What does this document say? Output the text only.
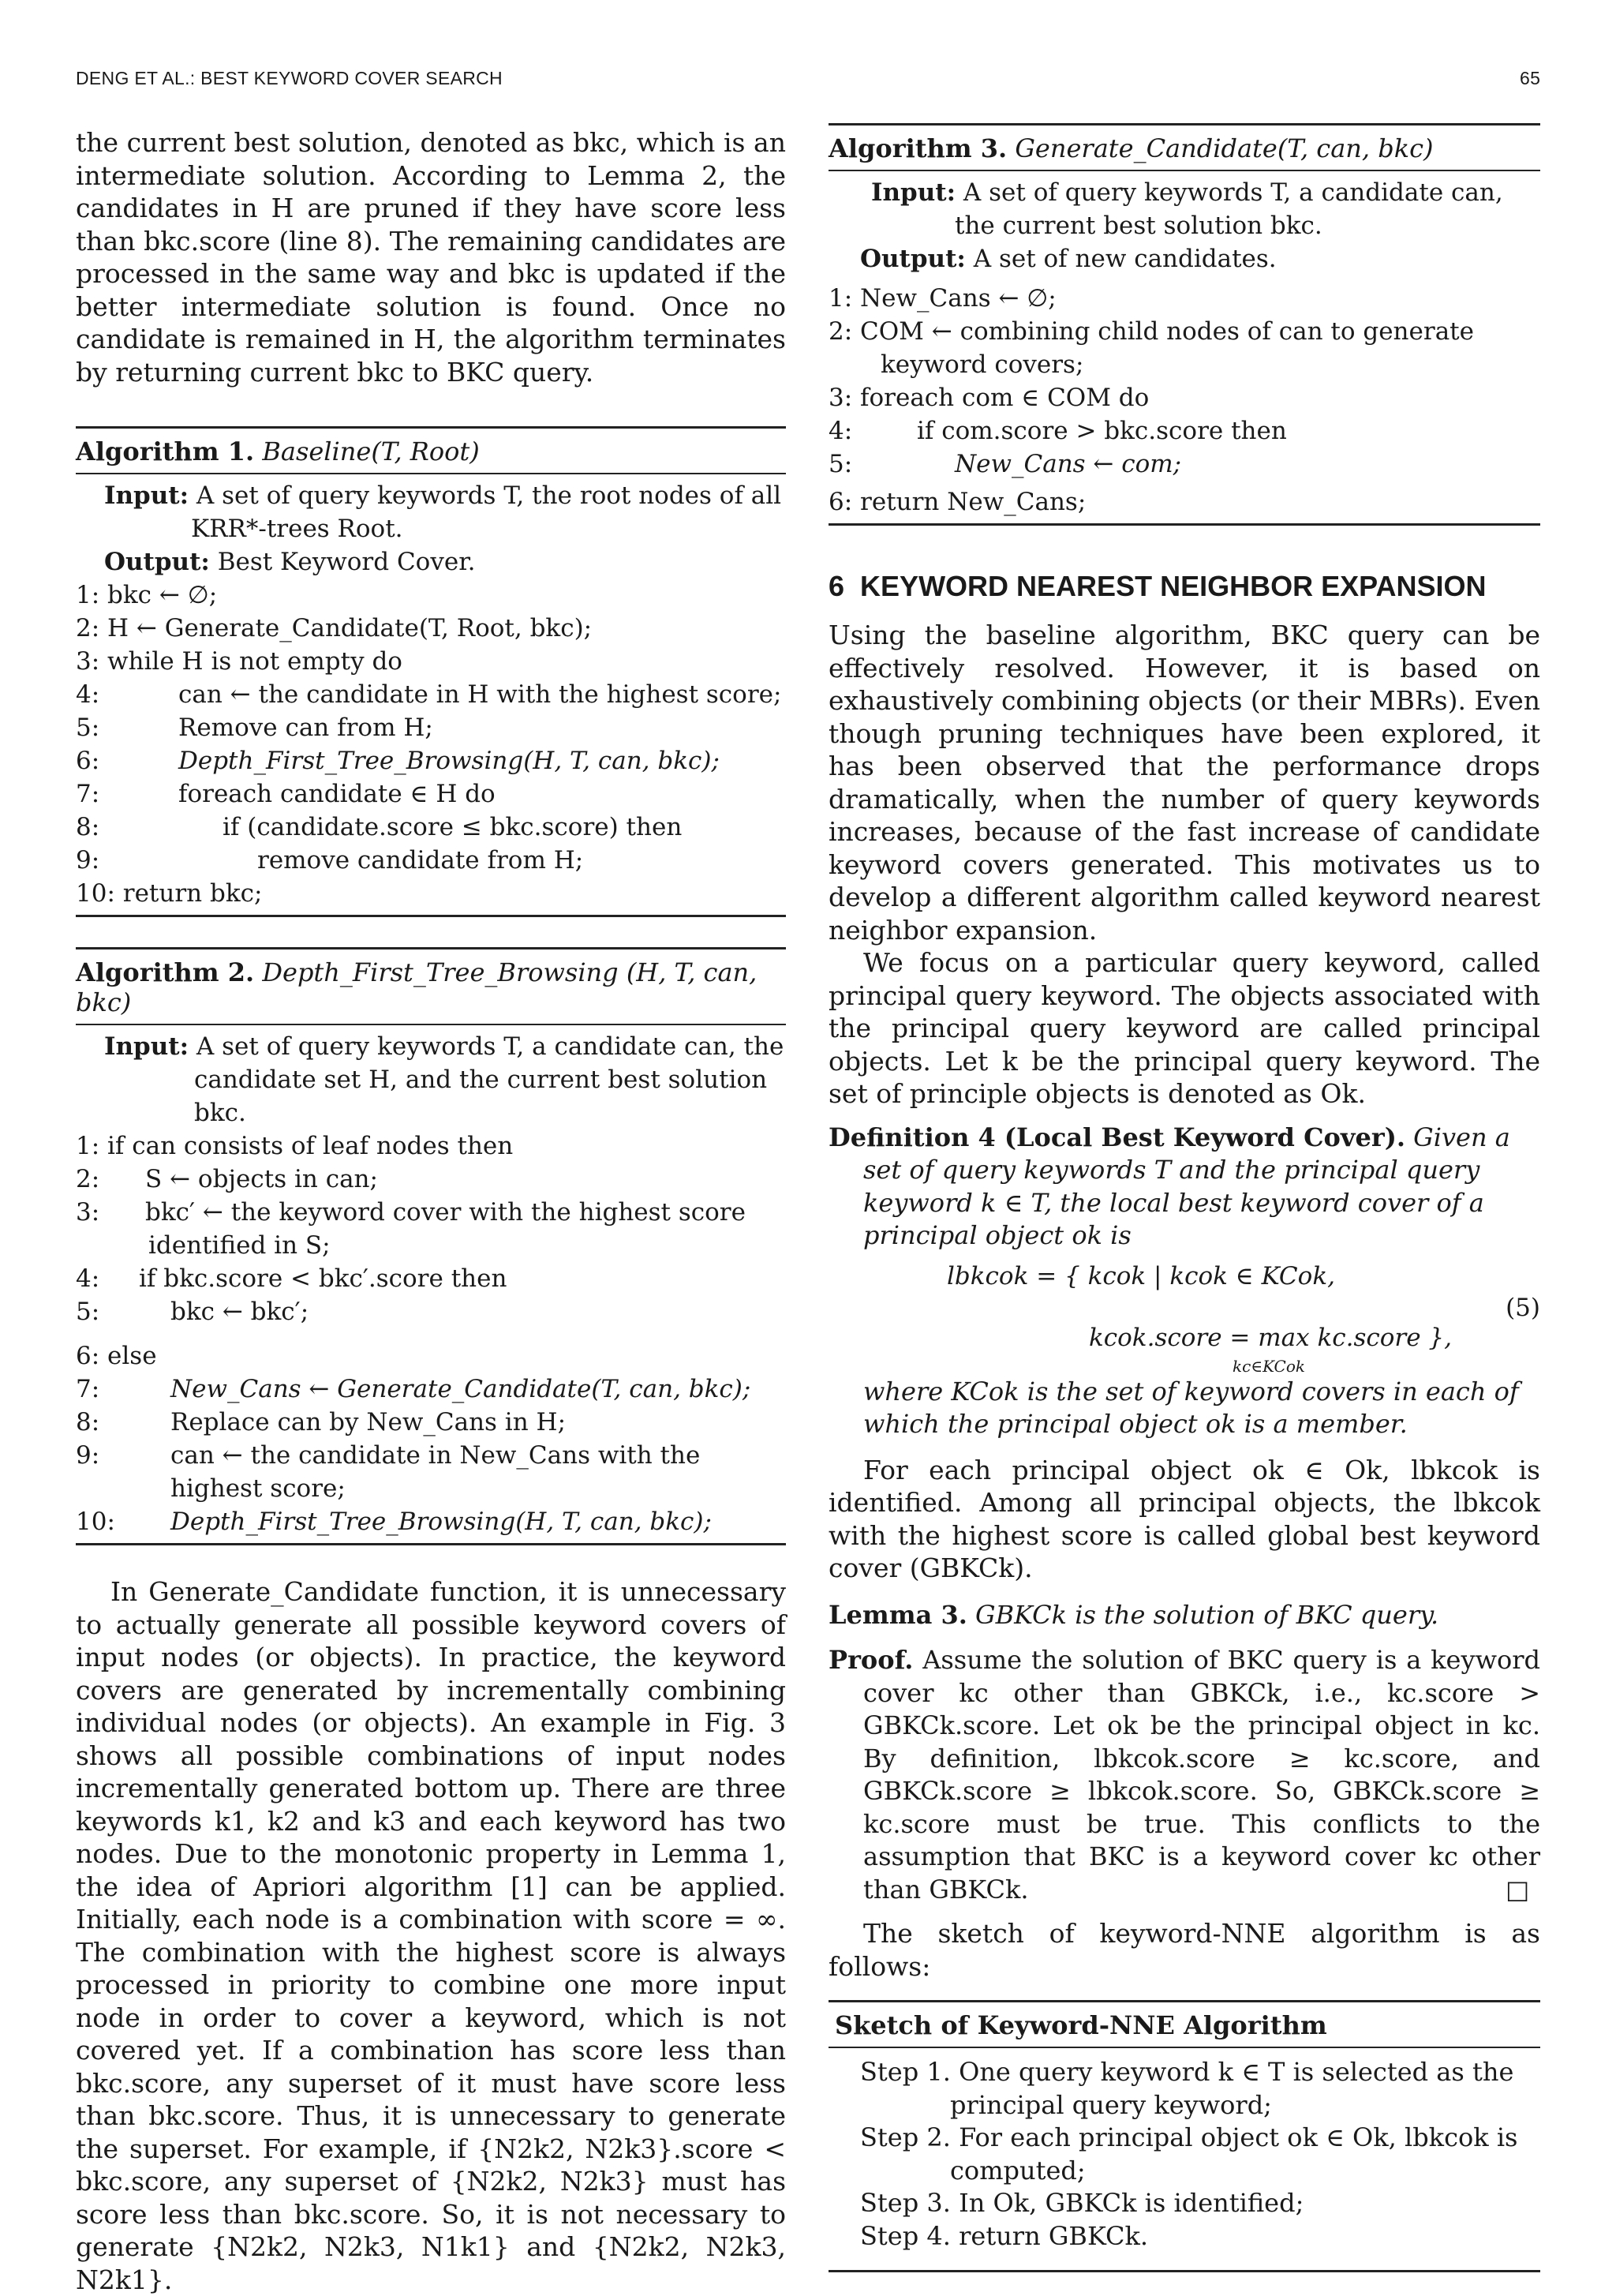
DENG ET AL.: BEST KEYWORD COVER SEARCH	65

the current best solution, denoted as bkc, which is an intermediate solution. According to Lemma 2, the candidates in H are pruned if they have score less than bkc.score (line 8). The remaining candidates are processed in the same way and bkc is updated if the better intermediate solution is found. Once no candidate is remained in H, the algorithm terminates by returning current bkc to BKC query.

Algorithm 1. Baseline(T, Root)
Input: A set of query keywords T, the root nodes of all
KRR*-trees Root.
Output: Best Keyword Cover.
1: bkc ← ∅;
2: H ← Generate_Candidate(T, Root, bkc);
3: while H is not empty do
4:	can ← the candidate in H with the highest score;
5:	Remove can from H;
6:	Depth_First_Tree_Browsing(H, T, can, bkc);
7:	foreach candidate ∈ H do
8:	if (candidate.score ≤ bkc.score) then
9:	remove candidate from H;
10: return bkc;
Algorithm 2. Depth_First_Tree_Browsing (H, T, can, bkc)
Input: A set of query keywords T, a candidate can, the
candidate set H, and the current best solution bkc.
1: if can consists of leaf nodes then
2: S ← objects in can;
3: bkc′ ← the keyword cover with the highest score
identified in S;
4: if bkc.score < bkc′.score then
5:	bkc ← bkc′;
6: else
7:	New_Cans ← Generate_Candidate(T, can, bkc);
8:	Replace can by New_Cans in H;
9:	can ← the candidate in New_Cans with the
highest score;
10: Depth_First_Tree_Browsing(H, T, can, bkc);

In Generate_Candidate function, it is unnecessary to actually generate all possible keyword covers of input nodes (or objects). In practice, the keyword covers are generated by incrementally combining individual nodes (or objects). An example in Fig. 3 shows all possible combinations of input nodes incrementally generated bottom up. There are three keywords k1, k2 and k3 and each keyword has two nodes. Due to the monotonic property in Lemma 1, the idea of Apriori algorithm [1] can be applied. Initially, each node is a combination with score = ∞. The combination with the highest score is always processed in priority to combine one more input node in order to cover a keyword, which is not covered yet. If a combination has score less than bkc.score, any superset of it must have score less than bkc.score. Thus, it is unnecessary to generate the superset. For example, if {N2k2, N2k3}.score < bkc.score, any superset of {N2k2, N2k3} must has score less than bkc.score. So, it is not necessary to generate {N2k2, N2k3, N1k1} and {N2k2, N2k3, N2k1}.

Algorithm 3. Generate_Candidate(T, can, bkc)
Input: A set of query keywords T, a candidate can,
the current best solution bkc.
Output: A set of new candidates.
1: New_Cans ← ∅;
2: COM ← combining child nodes of can to generate
keyword covers;
3: foreach com ∈ COM do
4:	if com.score > bkc.score then
5:	New_Cans ← com;
6: return New_Cans;
6 KEYWORD NEAREST NEIGHBOR EXPANSION

Using the baseline algorithm, BKC query can be effectively resolved. However, it is based on exhaustively combining objects (or their MBRs). Even though pruning techniques have been explored, it has been observed that the performance drops dramatically, when the number of query keywords increases, because of the fast increase of candidate keyword covers generated. This motivates us to develop a different algorithm called keyword nearest neighbor expansion.

We focus on a particular query keyword, called principal query keyword. The objects associated with the principal query keyword are called principal objects. Let k be the principal query keyword. The set of principle objects is denoted as Ok.

Definition 4 (Local Best Keyword Cover). Given a set of query keywords T and the principal query keyword k ∈ T, the local best keyword cover of a principal object ok is
lbkcok = { kcok | kcok ∈ KCok,
kcok.score = max kc.score },
kc∈KCok
(5)
where KCok is the set of keyword covers in each of which the principal object ok is a member.

For each principal object ok ∈ Ok, lbkcok is identified. Among all principal objects, the lbkcok with the highest score is called global best keyword cover (GBKCk).

Lemma 3. GBKCk is the solution of BKC query.
Proof. Assume the solution of BKC query is a keyword cover kc other than GBKCk, i.e., kc.score > GBKCk.score. Let ok be the principal object in kc. By definition, lbkcok.score ≥ kc.score, and GBKCk.score ≥ lbkcok.score. So, GBKCk.score ≥ kc.score must be true. This conflicts to the assumption that BKC is a keyword cover kc other than GBKCk.	□

The sketch of keyword-NNE algorithm is as follows:

Sketch of Keyword-NNE Algorithm
Step 1. One query keyword k ∈ T is selected as the
principal query keyword;
Step 2. For each principal object ok ∈ Ok, lbkcok is
computed;
Step 3. In Ok, GBKCk is identified;
Step 4. return GBKCk.
